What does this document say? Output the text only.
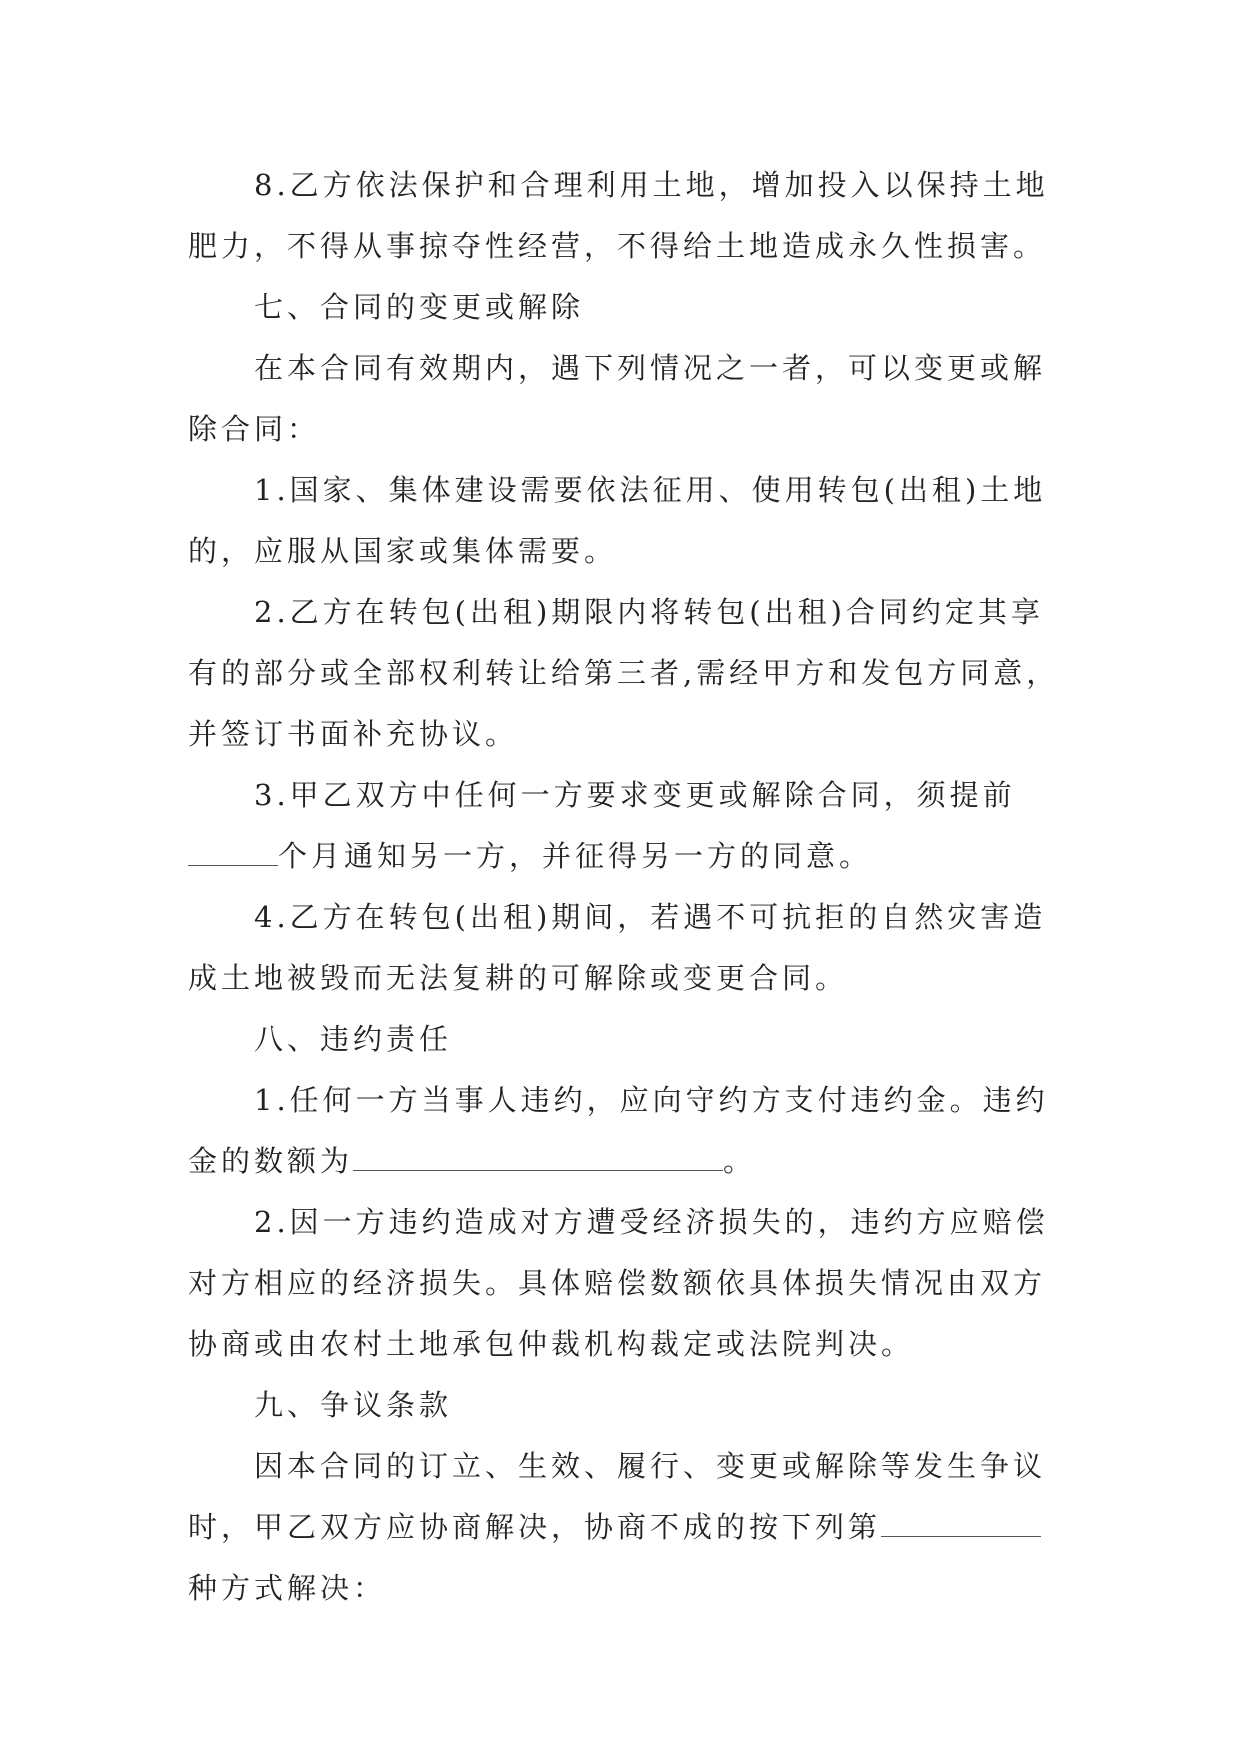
8.乙方依法保护和合理利用土地，增加投入以保持土地
肥力，不得从事掠夺性经营，不得给土地造成永久性损害。
七、合同的变更或解除
在本合同有效期内，遇下列情况之一者，可以变更或解
除合同：
1.国家、集体建设需要依法征用、使用转包(出租)土地
的，应服从国家或集体需要。
2.乙方在转包(出租)期限内将转包(出租)合同约定其享
有的部分或全部权利转让给第三者,需经甲方和发包方同意，
并签订书面补充协议。
3.甲乙双方中任何一方要求变更或解除合同，须提前
个月通知另一方，并征得另一方的同意。
4.乙方在转包(出租)期间，若遇不可抗拒的自然灾害造
成土地被毁而无法复耕的可解除或变更合同。
八、违约责任
1.任何一方当事人违约，应向守约方支付违约金。违约
金的数额为	。
2.因一方违约造成对方遭受经济损失的，违约方应赔偿
对方相应的经济损失。具体赔偿数额依具体损失情况由双方
协商或由农村土地承包仲裁机构裁定或法院判决。
九、争议条款
因本合同的订立、生效、履行、变更或解除等发生争议
时，甲乙双方应协商解决，协商不成的按下列第
种方式解决：
